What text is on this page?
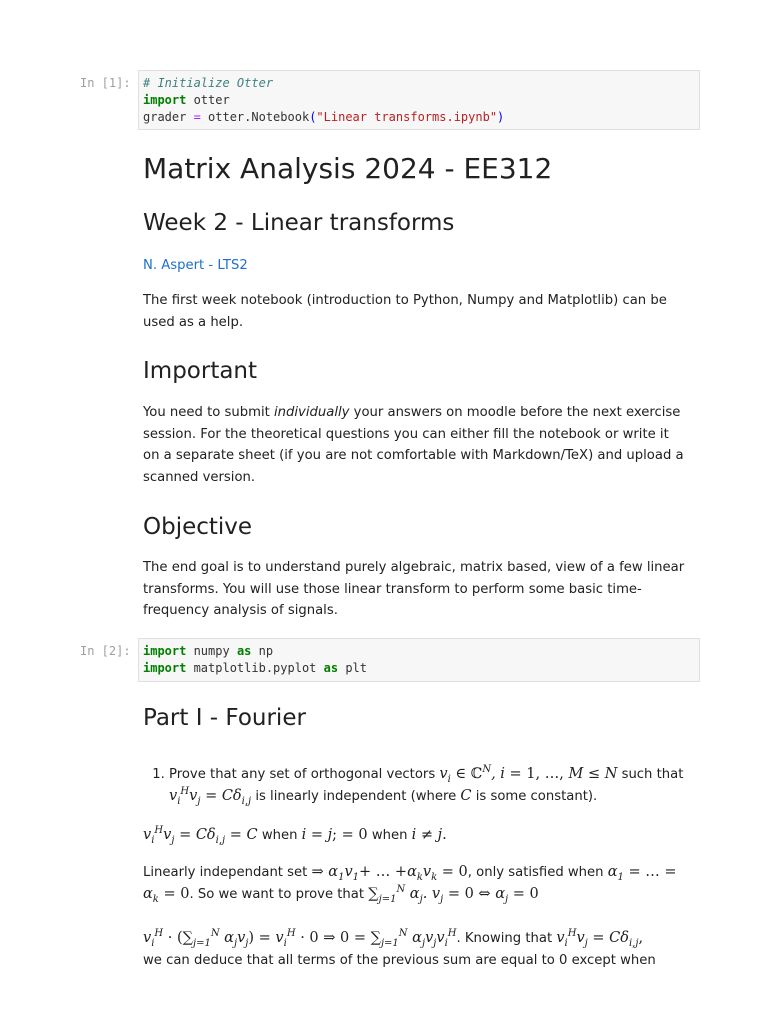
In [1]:	# Initialize Otter
import otter
grader = otter.Notebook("Linear transforms.ipynb")
Matrix Analysis 2024 - EE312
Week 2 - Linear transforms
N. Aspert - LTS2
The first week notebook (introduction to Python, Numpy and Matplotlib) can be used as a help.
Important
You need to submit individually your answers on moodle before the next exercise session. For the theoretical questions you can either fill the notebook or write it on a separate sheet (if you are not comfortable with Markdown/TeX) and upload a scanned version.
Objective
The end goal is to understand purely algebraic, matrix based, view of a few linear transforms. You will use those linear transform to perform some basic time-frequency analysis of signals.
In [2]:	import numpy as np
import matplotlib.pyplot as plt
Part I - Fourier
1. Prove that any set of orthogonal vectors $v_i$ ∈ ℂ$^N$, i = 1, …, M ≤ N such that $v_i^Hv_j = C\delta_{i,j}$ is linearly independent (where C is some constant).
$v_i^Hv_j = C\delta_{i,j} = C$ when i = j; = 0 when i ≠ j.
Linearly independant set ⇒ $\alpha_1v_1+$ … $+\alpha_kv_k = 0$, only satisfied when $\alpha_1$ = … = $\alpha_k = 0$. So we want to prove that $\sum_{j=1}^N$ $\alpha_j$. $v_j = 0$ ⇔ $\alpha_j = 0$
$v_i^H \cdot (\sum_{j=1}^N$ $\alpha_jv_j) = v_i^H \cdot 0$ ⇒ $0 = \sum_{j=1}^N$ $\alpha_jv_jv_i^H$. Knowing that $v_i^Hv_j = C\delta_{i,j}$,
we can deduce that all terms of the previous sum are equal to 0 except when
